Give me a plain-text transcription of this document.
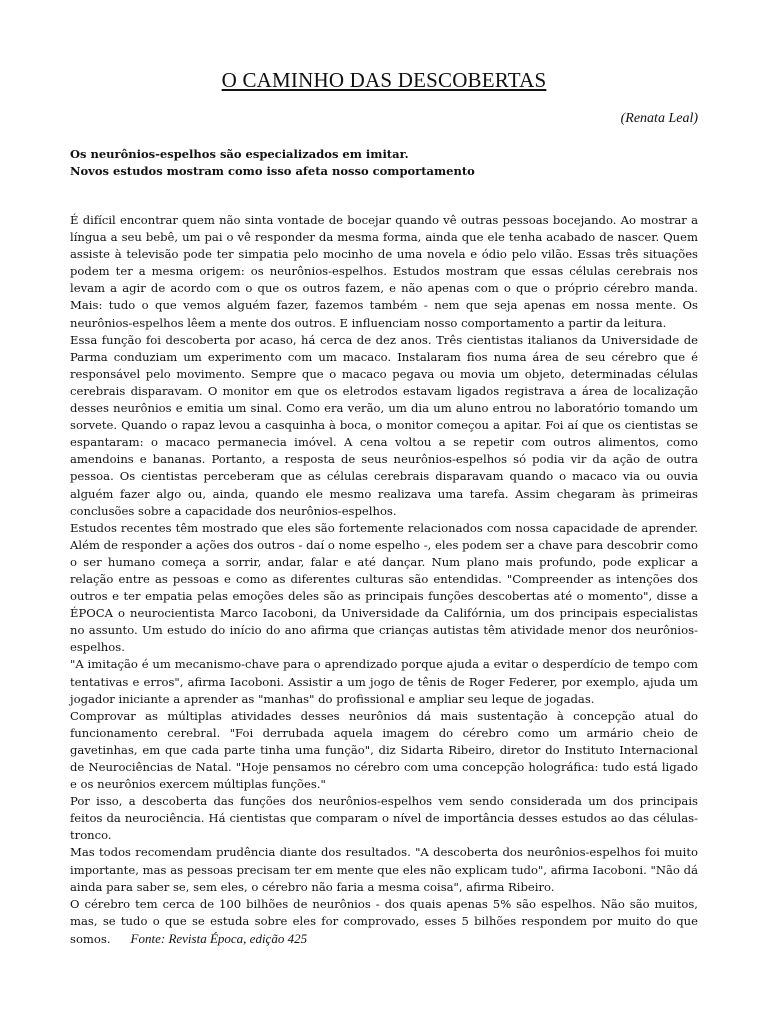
O CAMINHO DAS DESCOBERTAS
(Renata Leal)
Os neurônios-espelhos são especializados em imitar.
Novos estudos mostram como isso afeta nosso comportamento

É difícil encontrar quem não sinta vontade de bocejar quando vê outras pessoas bocejando. Ao mostrar a língua a seu bebê, um pai o vê responder da mesma forma, ainda que ele tenha acabado de nascer. Quem assiste à televisão pode ter simpatia pelo mocinho de uma novela e ódio pelo vilão. Essas três situações podem ter a mesma origem: os neurônios-espelhos. Estudos mostram que essas células cerebrais nos levam a agir de acordo com o que os outros fazem, e não apenas com o que o próprio cérebro manda. Mais: tudo o que vemos alguém fazer, fazemos também - nem que seja apenas em nossa mente. Os neurônios-espelhos lêem a mente dos outros. E influenciam nosso comportamento a partir da leitura.

Essa função foi descoberta por acaso, há cerca de dez anos. Três cientistas italianos da Universidade de Parma conduziam um experimento com um macaco. Instalaram fios numa área de seu cérebro que é responsável pelo movimento. Sempre que o macaco pegava ou movia um objeto, determinadas células cerebrais disparavam. O monitor em que os eletrodos estavam ligados registrava a área de localização desses neurônios e emitia um sinal. Como era verão, um dia um aluno entrou no laboratório tomando um sorvete. Quando o rapaz levou a casquinha à boca, o monitor começou a apitar. Foi aí que os cientistas se espantaram: o macaco permanecia imóvel. A cena voltou a se repetir com outros alimentos, como amendoins e bananas. Portanto, a resposta de seus neurônios-espelhos só podia vir da ação de outra pessoa. Os cientistas perceberam que as células cerebrais disparavam quando o macaco via ou ouvia alguém fazer algo ou, ainda, quando ele mesmo realizava uma tarefa. Assim chegaram às primeiras conclusões sobre a capacidade dos neurônios-espelhos.

Estudos recentes têm mostrado que eles são fortemente relacionados com nossa capacidade de aprender. Além de responder a ações dos outros - daí o nome espelho -, eles podem ser a chave para descobrir como o ser humano começa a sorrir, andar, falar e até dançar. Num plano mais profundo, pode explicar a relação entre as pessoas e como as diferentes culturas são entendidas. "Compreender as intenções dos outros e ter empatia pelas emoções deles são as principais funções descobertas até o momento", disse a ÉPOCA o neurocientista Marco Iacoboni, da Universidade da Califórnia, um dos principais especialistas no assunto. Um estudo do início do ano afirma que crianças autistas têm atividade menor dos neurônios-espelhos.

"A imitação é um mecanismo-chave para o aprendizado porque ajuda a evitar o desperdício de tempo com tentativas e erros", afirma Iacoboni. Assistir a um jogo de tênis de Roger Federer, por exemplo, ajuda um jogador iniciante a aprender as "manhas" do profissional e ampliar seu leque de jogadas.

Comprovar as múltiplas atividades desses neurônios dá mais sustentação à concepção atual do funcionamento cerebral. "Foi derrubada aquela imagem do cérebro como um armário cheio de gavetinhas, em que cada parte tinha uma função", diz Sidarta Ribeiro, diretor do Instituto Internacional de Neurociências de Natal. "Hoje pensamos no cérebro com uma concepção holográfica: tudo está ligado e os neurônios exercem múltiplas funções."

Por isso, a descoberta das funções dos neurônios-espelhos vem sendo considerada um dos principais feitos da neurociência. Há cientistas que comparam o nível de importância desses estudos ao das células-tronco.

Mas todos recomendam prudência diante dos resultados. "A descoberta dos neurônios-espelhos foi muito importante, mas as pessoas precisam ter em mente que eles não explicam tudo", afirma Iacoboni. "Não dá ainda para saber se, sem eles, o cérebro não faria a mesma coisa", afirma Ribeiro.

O cérebro tem cerca de 100 bilhões de neurônios - dos quais apenas 5% são espelhos. Não são muitos, mas, se tudo o que se estuda sobre eles for comprovado, esses 5 bilhões respondem por muito do que somos. Fonte: Revista Época, edição 425
